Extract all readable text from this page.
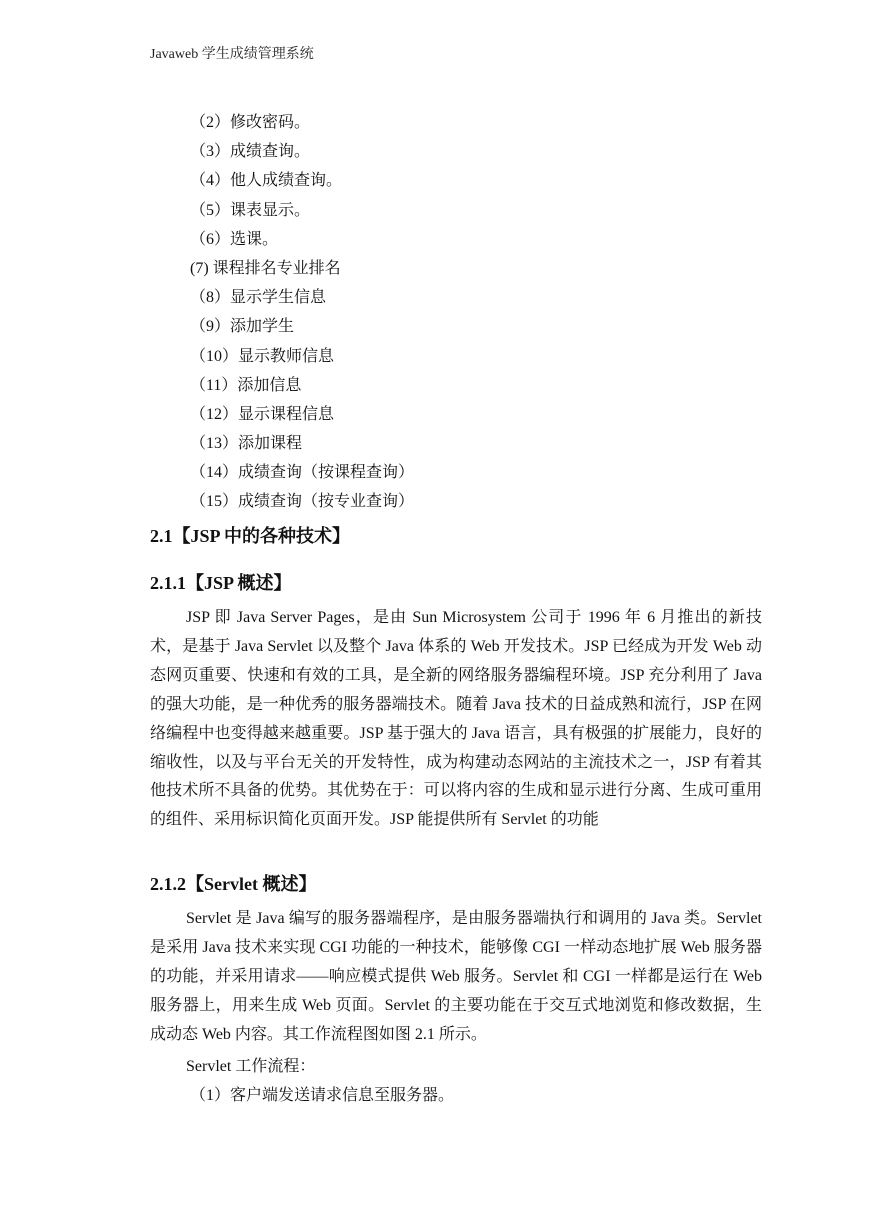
Javaweb 学生成绩管理系统
（2）修改密码。
（3）成绩查询。
（4）他人成绩查询。
（5）课表显示。
（6）选课。
(7) 课程排名专业排名
（8）显示学生信息
（9）添加学生
（10）显示教师信息
（11）添加信息
（12）显示课程信息
（13）添加课程
（14）成绩查询（按课程查询）
（15）成绩查询（按专业查询）
2.1【JSP 中的各种技术】
2.1.1【JSP 概述】

JSP 即 Java Server Pages，是由 Sun Microsystem 公司于 1996 年 6 月推出的新技术，是基于 Java Servlet 以及整个 Java 体系的 Web 开发技术。JSP 已经成为开发 Web 动态网页重要、快速和有效的工具，是全新的网络服务器编程环境。JSP 充分利用了 Java 的强大功能，是一种优秀的服务器端技术。随着 Java 技术的日益成熟和流行，JSP 在网络编程中也变得越来越重要。JSP 基于强大的 Java 语言，具有极强的扩展能力，良好的缩收性，以及与平台无关的开发特性，成为构建动态网站的主流技术之一，JSP 有着其他技术所不具备的优势。其优势在于：可以将内容的生成和显示进行分离、生成可重用的组件、采用标识简化页面开发。JSP 能提供所有 Servlet 的功能

2.1.2【Servlet 概述】

Servlet 是 Java 编写的服务器端程序，是由服务器端执行和调用的 Java 类。Servlet 是采用 Java 技术来实现 CGI 功能的一种技术，能够像 CGI 一样动态地扩展 Web 服务器的功能，并采用请求——响应模式提供 Web 服务。Servlet 和 CGI 一样都是运行在 Web 服务器上，用来生成 Web 页面。Servlet 的主要功能在于交互式地浏览和修改数据，生成动态 Web 内容。其工作流程图如图 2.1 所示。

Servlet 工作流程：

（1）客户端发送请求信息至服务器。
